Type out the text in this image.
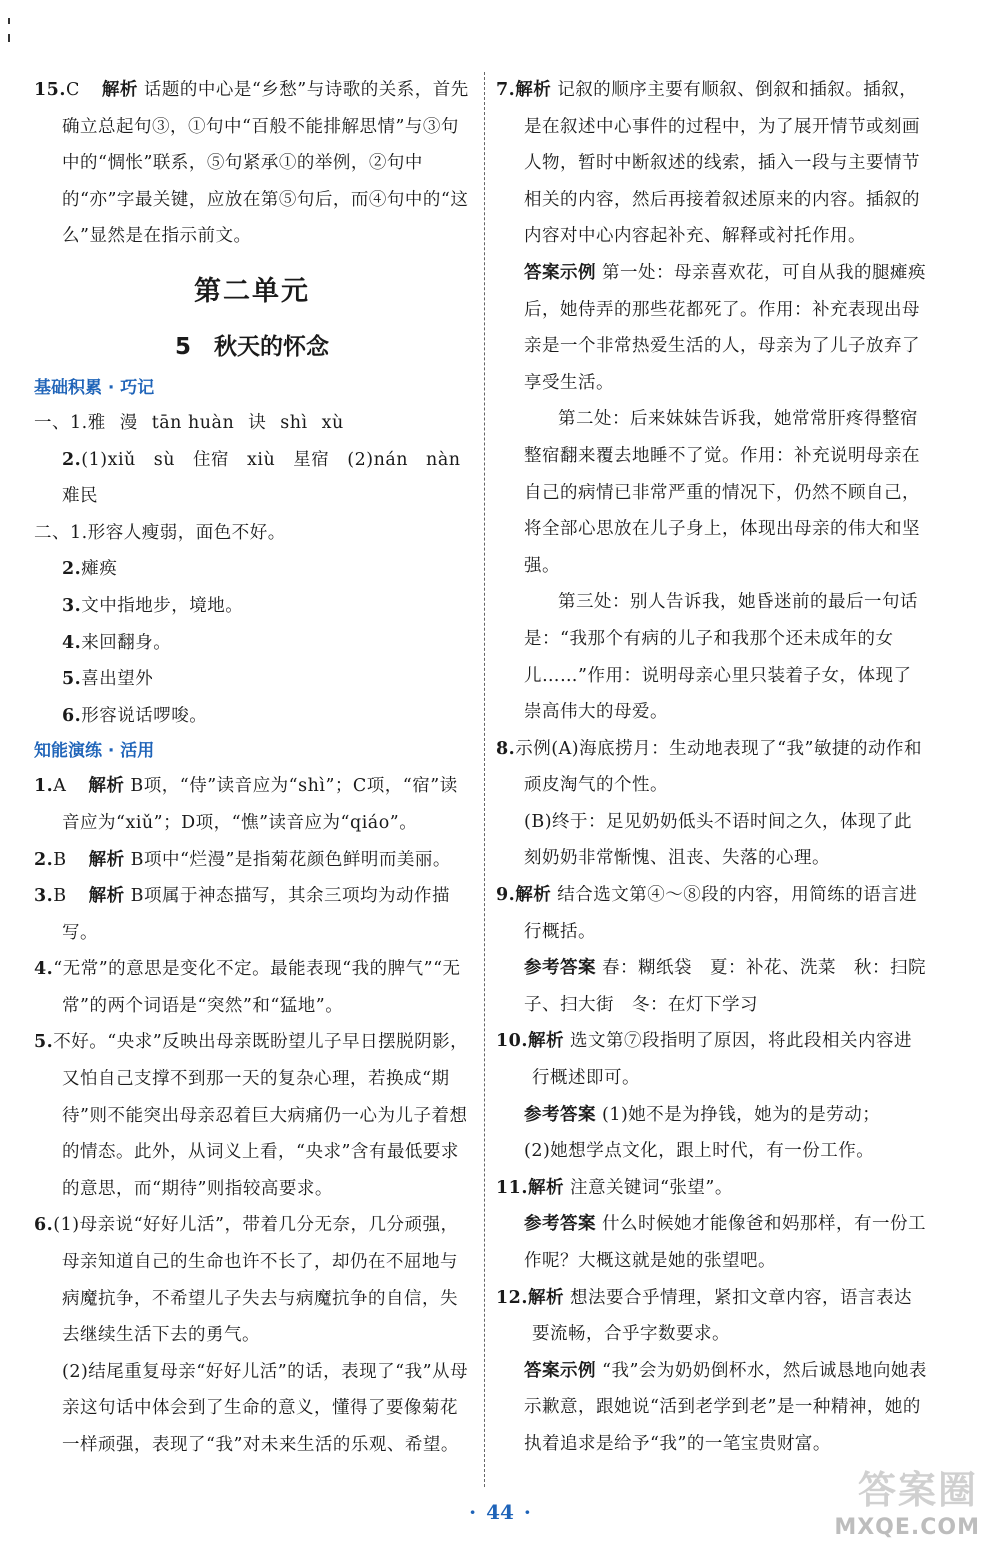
15.C 解析 话题的中心是“乡愁”与诗歌的关系，首先确立总起句③，①句中“百般不能排解思情”与③句中的“惆怅”联系，⑤句紧承①的举例，②句中的“亦”字最关键，应放在第⑤句后，而④句中的“这么”显然是在指示前文。

第二单元
5　秋天的怀念
基础积累 · 巧记

一、1.雅 漫 tān huàn 诀 shì xù

2.(1)xiǔ　sù　住宿　xiù　星宿　(2)nán　nàn　难民

二、1.形容人瘦弱，面色不好。

2.瘫痪

3.文中指地步，境地。

4.来回翻身。

5.喜出望外

6.形容说话啰唆。

知能演练 · 活用

1.A 解析 B项，“侍”读音应为“shì”；C项，“宿”读音应为“xiǔ”；D项，“憔”读音应为“qiáo”。

2.B 解析 B项中“烂漫”是指菊花颜色鲜明而美丽。

3.B 解析 B项属于神态描写，其余三项均为动作描写。

4.“无常”的意思是变化不定。最能表现“我的脾气”“无常”的两个词语是“突然”和“猛地”。

5.不好。“央求”反映出母亲既盼望儿子早日摆脱阴影，又怕自己支撑不到那一天的复杂心理，若换成“期待”则不能突出母亲忍着巨大病痛仍一心为儿子着想的情态。此外，从词义上看，“央求”含有最低要求的意思，而“期待”则指较高要求。

6.(1)母亲说“好好儿活”，带着几分无奈，几分顽强，母亲知道自己的生命也许不长了，却仍在不屈地与病魔抗争，不希望儿子失去与病魔抗争的自信，失去继续生活下去的勇气。

(2)结尾重复母亲“好好儿活”的话，表现了“我”从母亲这句话中体会到了生命的意义，懂得了要像菊花一样顽强，表现了“我”对未来生活的乐观、希望。

7.解析 记叙的顺序主要有顺叙、倒叙和插叙。插叙，是在叙述中心事件的过程中，为了展开情节或刻画人物，暂时中断叙述的线索，插入一段与主要情节相关的内容，然后再接着叙述原来的内容。插叙的内容对中心内容起补充、解释或衬托作用。

答案示例 第一处：母亲喜欢花，可自从我的腿瘫痪后，她侍弄的那些花都死了。作用：补充表现出母亲是一个非常热爱生活的人，母亲为了儿子放弃了享受生活。

第二处：后来妹妹告诉我，她常常肝疼得整宿整宿翻来覆去地睡不了觉。作用：补充说明母亲在自己的病情已非常严重的情况下，仍然不顾自己，将全部心思放在儿子身上，体现出母亲的伟大和坚强。

第三处：别人告诉我，她昏迷前的最后一句话是：“我那个有病的儿子和我那个还未成年的女儿……”作用：说明母亲心里只装着子女，体现了崇高伟大的母爱。

8.示例(A)海底捞月：生动地表现了“我”敏捷的动作和顽皮淘气的个性。

(B)终于：足见奶奶低头不语时间之久，体现了此刻奶奶非常惭愧、沮丧、失落的心理。

9.解析 结合选文第④～⑧段的内容，用简练的语言进行概括。

参考答案 春：糊纸袋　夏：补花、洗菜　秋：扫院子、扫大街　冬：在灯下学习

10.解析 选文第⑦段指明了原因，将此段相关内容进行概述即可。

参考答案 (1)她不是为挣钱，她为的是劳动；

(2)她想学点文化，跟上时代，有一份工作。

11.解析 注意关键词“张望”。

参考答案 什么时候她才能像爸和妈那样，有一份工作呢？大概这就是她的张望吧。

12.解析 想法要合乎情理，紧扣文章内容，语言表达要流畅，合乎字数要求。

答案示例 “我”会为奶奶倒杯水，然后诚恳地向她表示歉意，跟她说“活到老学到老”是一种精神，她的执着追求是给予“我”的一笔宝贵财富。

· 44 ·	答案圈
MXQE.COM
